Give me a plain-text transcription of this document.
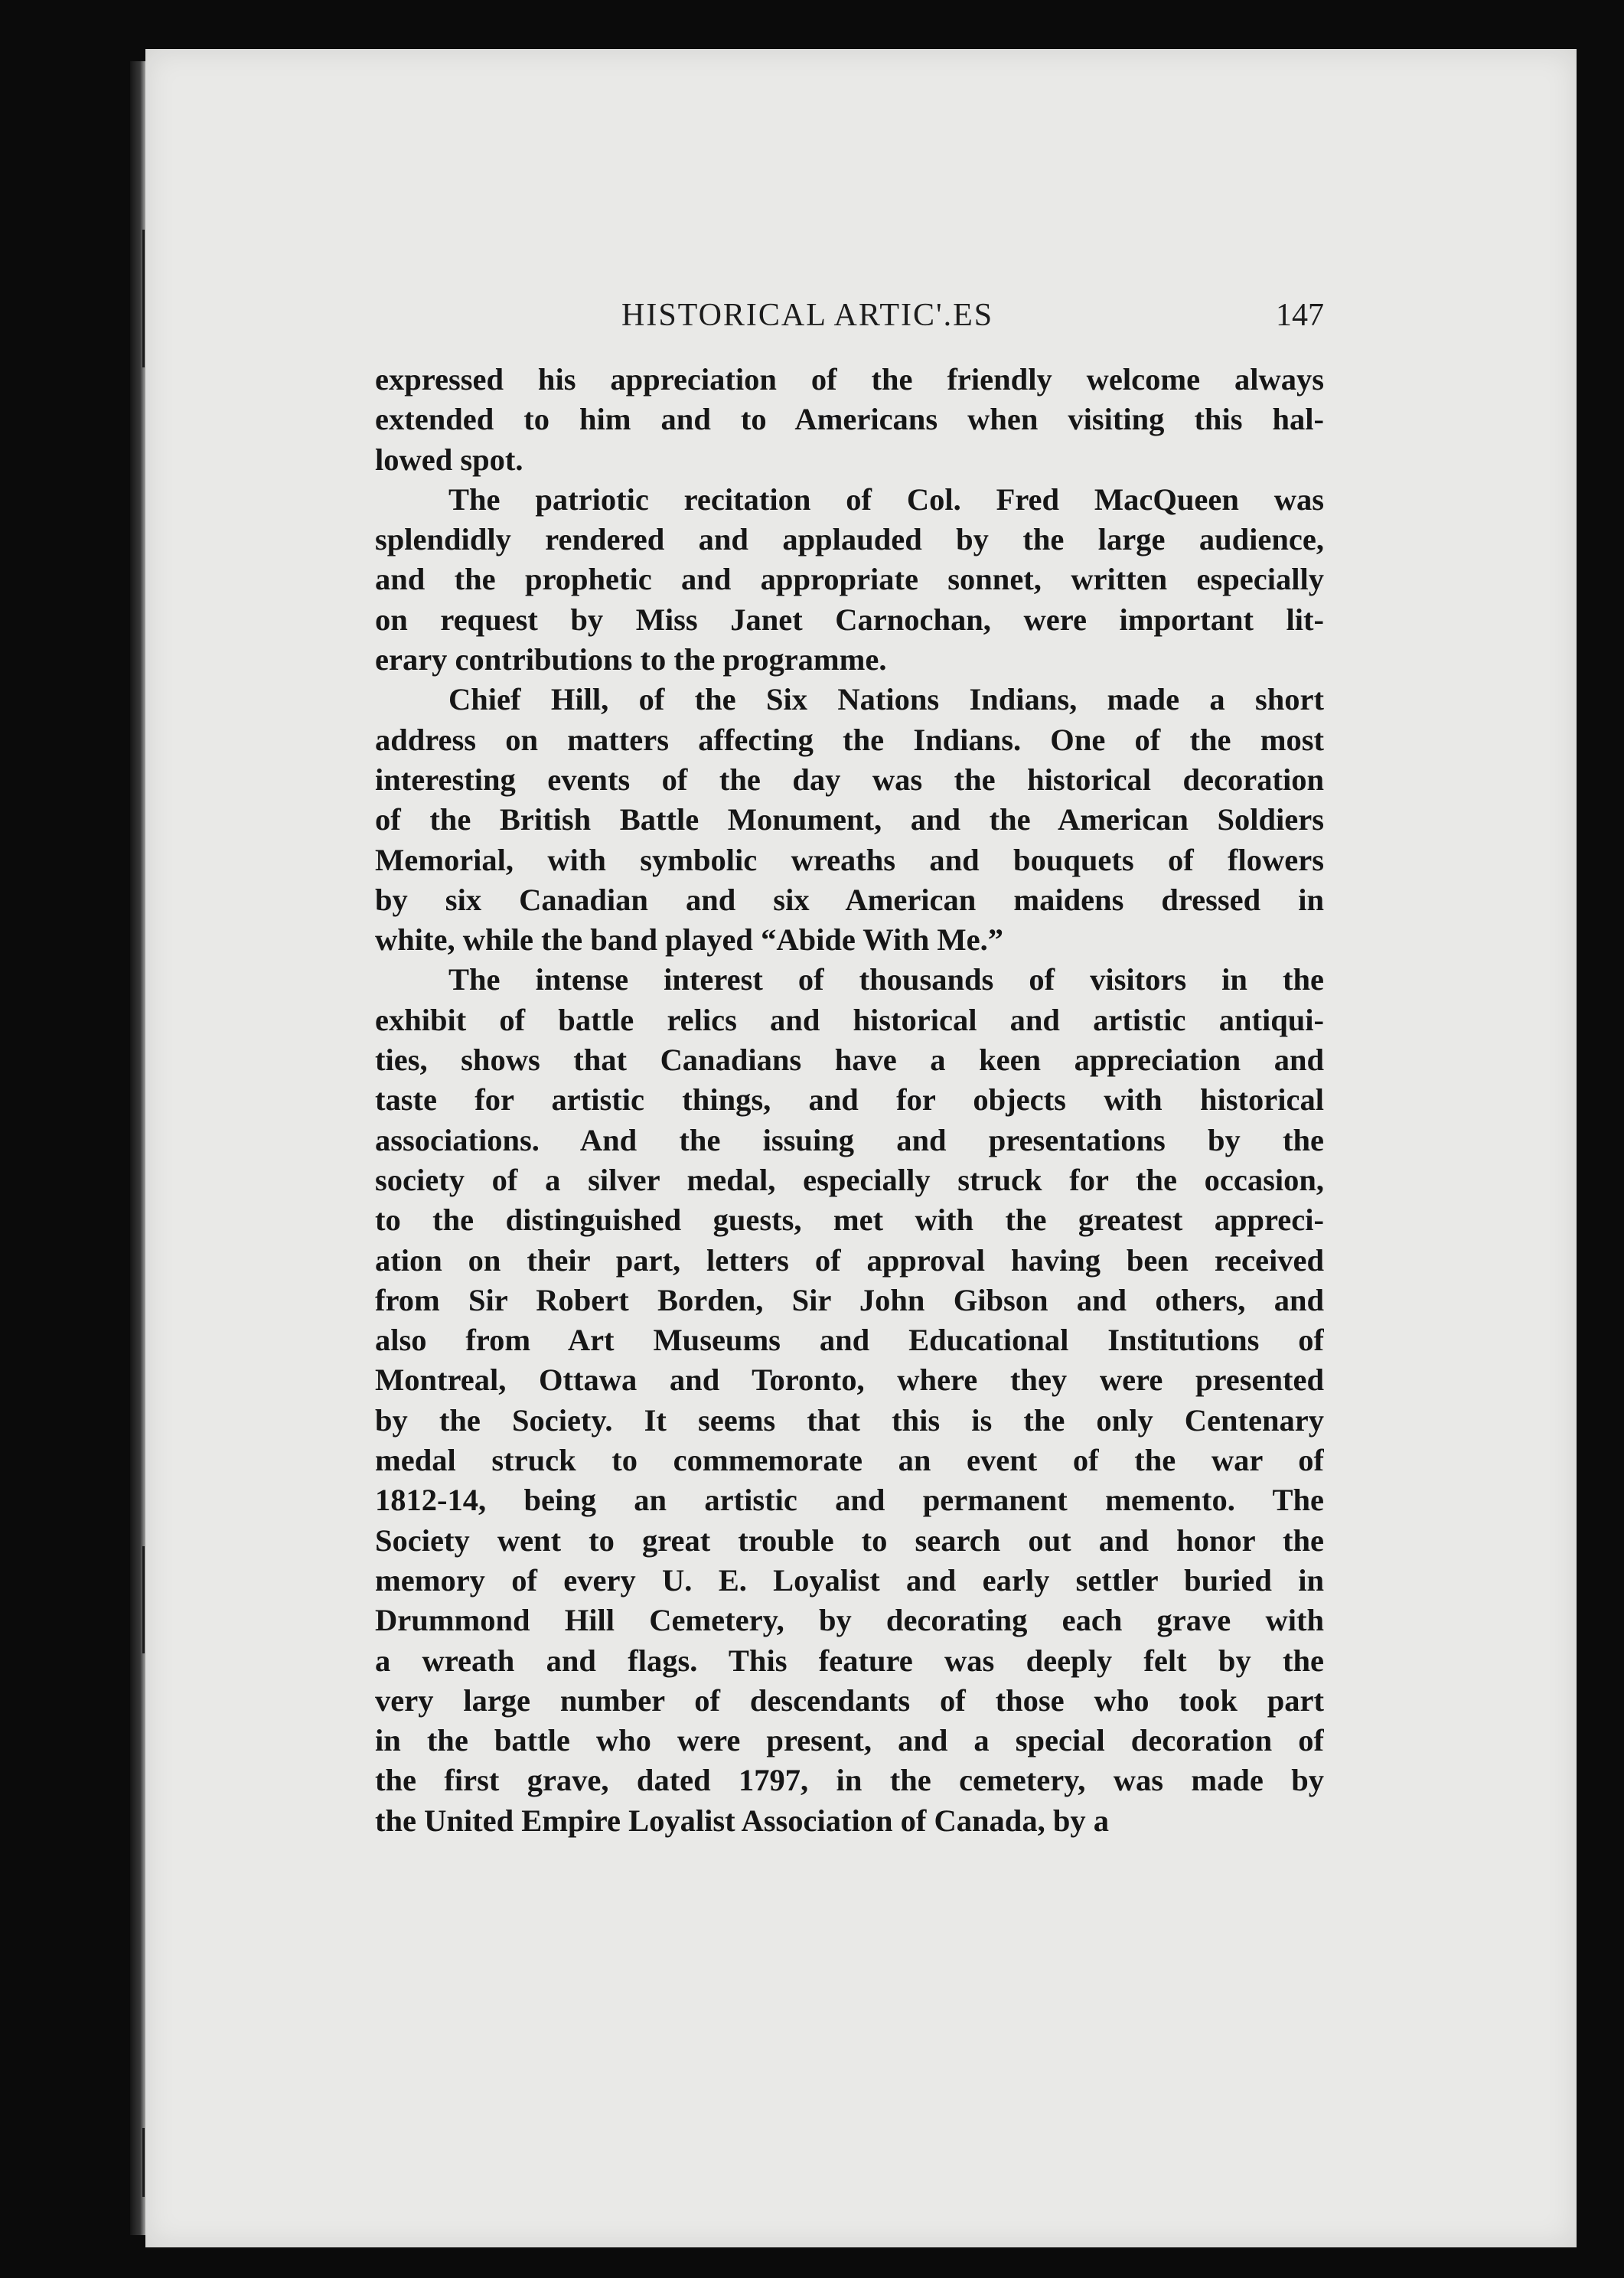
HISTORICAL ARTIC'.ES	147

expressed his appreciation of the friendly welcome always
extended to him and to Americans when visiting this hal-
lowed spot.

The patriotic recitation of Col. Fred MacQueen was
splendidly rendered and applauded by the large audience,
and the prophetic and appropriate sonnet, written especially
on request by Miss Janet Carnochan, were important lit-
erary contributions to the programme.

Chief Hill, of the Six Nations Indians, made a short
address on matters affecting the Indians. One of the most
interesting events of the day was the historical decoration
of the British Battle Monument, and the American Soldiers
Memorial, with symbolic wreaths and bouquets of flowers
by six Canadian and six American maidens dressed in
white, while the band played “Abide With Me.”

The intense interest of thousands of visitors in the
exhibit of battle relics and historical and artistic antiqui-
ties, shows that Canadians have a keen appreciation and
taste for artistic things, and for objects with historical
associations. And the issuing and presentations by the
society of a silver medal, especially struck for the occasion,
to the distinguished guests, met with the greatest appreci-
ation on their part, letters of approval having been received
from Sir Robert Borden, Sir John Gibson and others, and
also from Art Museums and Educational Institutions of
Montreal, Ottawa and Toronto, where they were presented
by the Society. It seems that this is the only Centenary
medal struck to commemorate an event of the war of
1812-14, being an artistic and permanent memento. The
Society went to great trouble to search out and honor the
memory of every U. E. Loyalist and early settler buried in
Drummond Hill Cemetery, by decorating each grave with
a wreath and flags. This feature was deeply felt by the
very large number of descendants of those who took part
in the battle who were present, and a special decoration of
the first grave, dated 1797, in the cemetery, was made by
the United Empire Loyalist Association of Canada, by a
